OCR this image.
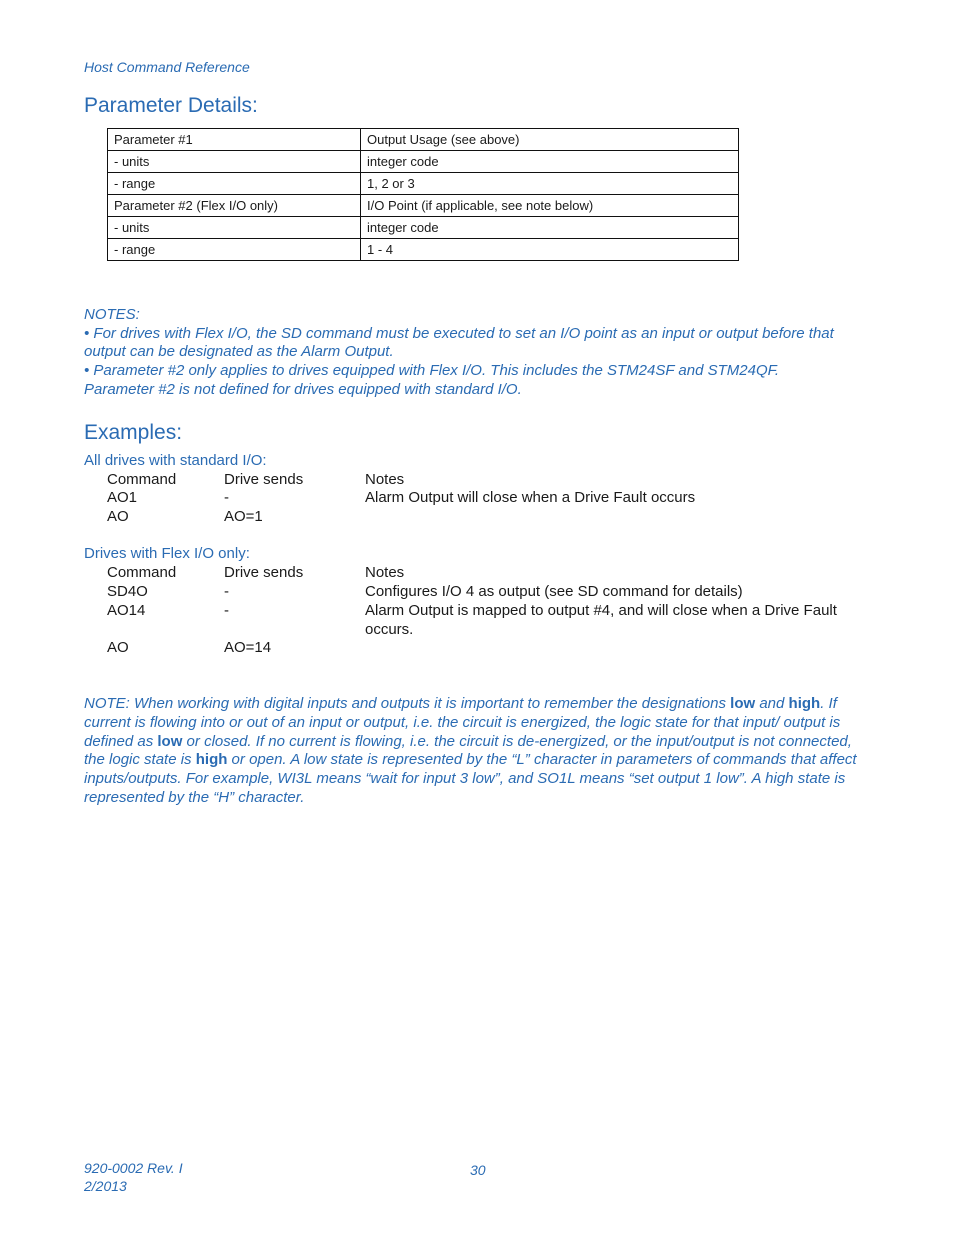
Host Command Reference
Parameter Details:
Parameter #1	Output Usage (see above)
- units	integer code
- range	1, 2 or 3
Parameter #2 (Flex I/O only)	I/O Point (if applicable, see note below)
- units	integer code
- range	1 - 4

NOTES:

• For drives with Flex I/O, the SD command must be executed to set an I/O point as an input or output before that

output can be designated as the Alarm Output.

• Parameter #2 only applies to drives equipped with Flex I/O. This includes the STM24SF and STM24QF.

Parameter #2 is not defined for drives equipped with standard I/O.

Examples:
All drives with standard I/O:
Command	Drive sends	Notes
AO1	-	Alarm Output will close when a Drive Fault occurs
AO	AO=1
Drives with Flex I/O only:
Command	Drive sends	Notes
SD4O	-	Configures I/O 4 as output (see SD command for details)
AO14	-	Alarm Output is mapped to output #4, and will close when a Drive Fault occurs.
AO	AO=14
NOTE: When working with digital inputs and outputs it is important to remember the designations low and high. If current is flowing into or out of an input or output, i.e. the circuit is energized, the logic state for that input/ output is defined as low or closed. If no current is flowing, i.e. the circuit is de-energized, or the input/output is not connected, the logic state is high or open. A low state is represented by the “L” character in parameters of commands that affect inputs/outputs. For example, WI3L means “wait for input 3 low”, and SO1L means “set output 1 low”. A high state is represented by the “H” character.
920-0002 Rev. I
2/2013
30
